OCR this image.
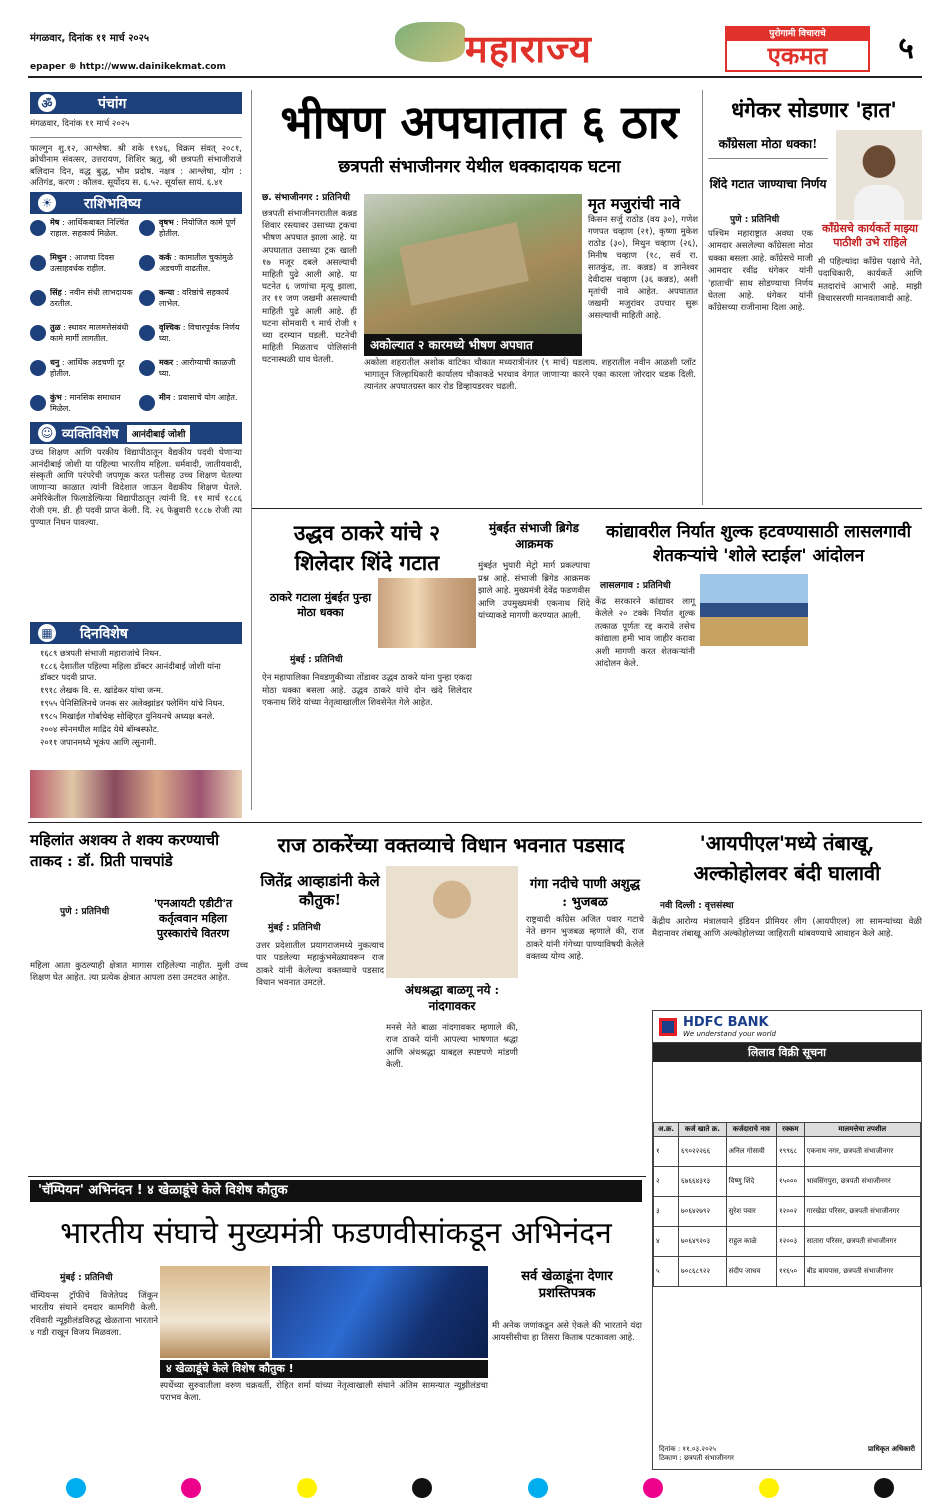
मंगळवार, दिनांक ११ मार्च २०२५	महाराज्य	पुरोगामी विचाराचे
एकमत	५
epaper ⊕ http://www.dainikekmat.com
ॐ	पंचांग

मंगळवार, दिनांक ११ मार्च २०२५

फाल्गुन शु.१२, आश्लेषा. श्री शके १९४६, विक्रम संवत् २०८१, क्रोधीनाम संवत्सर, उत्तरायण, शिशिर ऋतु, श्री छत्रपती संभाजीराजे बलिदान दिन, वद्ध बुद्ध, भौम प्रदोष. नक्षत्र : आश्लेषा, योग : अतिगंड, करण : कौलव. सूर्योदय स. ६.५२. सूर्यास्त सायं. ६.४१

☀ राशिभविष्य
मेष : आर्थिकबाबत निश्चिंत राहाल. सहकार्य मिळेल.
वृषभ : नियोजित कामे पूर्ण होतील.
मिथुन : आजचा दिवस उत्साहवर्धक राहील.
कर्क : कामातील चुकांमुळे अडचणी वाढतील.
सिंह : नवीन संधी लाभदायक ठरतील.
कन्या : वरिष्ठांचे सहकार्य लाभेल.
तुळ : स्थावर मालमत्तेसंबंधी कामे मार्गी लागतील.
वृश्चिक : विचारपूर्वक निर्णय घ्या.
धनु : आर्थिक अडचणी दूर होतील.
मकर : आरोग्याची काळजी घ्या.
कुंभ : मानसिक समाधान मिळेल.
मीन : प्रवासाचे योग आहेत.
☺ व्यक्तिविशेष	आनंदीबाई जोशी

उच्च शिक्षण आणि परकीय विद्यापीठातून वैद्यकीय पदवी घेणाऱ्या आनंदीबाई जोशी या पहिल्या भारतीय महिला. धर्मवादी, जातीयवादी, संस्कृती आणि परंपरेची जपणूक करत पतीसह उच्च शिक्षण घेतल्या जाणाऱ्या काळात त्यांनी विदेशात जाऊन वैद्यकीय शिक्षण घेतले. अमेरिकेतील फिलाडेल्फिया विद्यापीठातून त्यांनी दि. ११ मार्च १८८६ रोजी एम. डी. ही पदवी प्राप्त केली. दि. २६ फेब्रुवारी १८८७ रोजी त्या पुण्यात निधन पावल्या.

▦ दिनविशेष
१६८९ छत्रपती संभाजी महाराजांचे निधन.
१८८६ देशातील पहिल्या महिला डॉक्टर आनंदीबाई जोशी यांना डॉक्टर पदवी प्राप्त.
१९१८ लेखक वि. स. खांडेकर यांचा जन्म.
१९५५ पेनिसिलिनचे जनक सर अलेक्झांडर फ्लेमिंग यांचे निधन.
१९८५ मिखाईल गोर्बाचेव्ह सोव्हिएत युनियनचे अध्यक्ष बनले.
२००४ स्पेनमधील माद्रिद येथे बॉम्बस्फोट.
२०११ जपानमध्ये भूकंप आणि त्सुनामी.
भीषण अपघातात ६ ठार
छत्रपती संभाजीनगर येथील धक्कादायक घटना
छ. संभाजीनगर : प्रतिनिधी

छत्रपती संभाजीनगरातील कन्नड शिवार रस्त्यावर उसाच्या ट्रकचा भीषण अपघात झाला आहे. या अपघातात उसाच्या ट्रक खाली १७ मजूर दबले असल्याची माहिती पुढे आली आहे. या घटनेत ६ जणांचा मृत्यू झाला, तर ११ जण जखमी असल्याची माहिती पुढे आली आहे. ही घटना सोमवारी ९ मार्च रोजी १ च्या दरम्यान घडली. घटनेची माहिती मिळताच पोलिसांनी घटनास्थळी धाव घेतली.

अकोल्यात २ कारमध्ये भीषण अपघात

अकोला शहरातील अशोक वाटिका चौकात मध्यरात्रीनंतर (९ मार्च) घडलाय. शहरातील नवीन आळशी प्लॉट भागातून जिल्हाधिकारी कार्यालय चौकाकडे भरधाव वेगात जाणाऱ्या कारने एका कारला जोरदार धडक दिली. त्यानंतर अपघातग्रस्त कार रोड डिव्हायडरवर चढली.

मृत मजुरांची नावे

किसन सर्जु राठोड (वय ३०), गणेश गणपत चव्हाण (२१), कृष्णा मुकेश राठोड (३०), मिथुन चव्हाण (२६), मिनीष चव्हाण (१८, सर्व रा. सातकुंड, ता. कन्नड) व ज्ञानेश्वर देवीदास चव्हाण (३६ कन्नड), अशी मृतांची नावे आहेत. अपघातात जखमी मजुरांवर उपचार सुरू असल्याची माहिती आहे.

धंगेकर सोडणार 'हात'
काँग्रेसला मोठा धक्का!
शिंदे गटात जाण्याचा निर्णय
पुणे : प्रतिनिधी
काँग्रेसचे कार्यकर्ते माझ्या पाठीशी उभे राहिले

पश्चिम महाराष्ट्रात अवघा एक आमदार असलेल्या काँग्रेसला मोठा धक्का बसला आहे. काँग्रेसचे माजी आमदार रवींद्र धंगेकर यांनी 'हाताची' साथ सोडण्याचा निर्णय घेतला आहे. धंगेकर यांनी काँग्रेसच्या राजीनामा दिला आहे.

मी पहिल्यांदा काँग्रेस पक्षाचे नेते, पदाधिकारी, कार्यकर्ते आणि मतदारांचे आभारी आहे. माझी विचारसरणी मानवतावादी आहे.

उद्धव ठाकरे यांचे २ शिलेदार शिंदे गटात
ठाकरे गटाला मुंबईत पुन्हा मोठा धक्का
मुंबई : प्रतिनिधी

ऐन महापालिका निवडणुकीच्या तोंडावर उद्धव ठाकरे यांना पुन्हा एकदा मोठा धक्का बसला आहे. उद्धव ठाकरे यांचे दोन खंदे शिलेदार एकनाथ शिंदे यांच्या नेतृत्वाखालील शिवसेनेत गेले आहेत.

मुंबईत संभाजी ब्रिगेड आक्रमक

मुंबईत भुयारी मेट्रो मार्ग प्रकल्पाचा प्रश्न आहे. संभाजी ब्रिगेड आक्रमक झाले आहे. मुख्यमंत्री देवेंद्र फडणवीस आणि उपमुख्यमंत्री एकनाथ शिंदे यांच्याकडे मागणी करण्यात आली.

कांद्यावरील निर्यात शुल्क हटवण्यासाठी लासलगावी शेतकऱ्यांचे 'शोले स्टाईल' आंदोलन
लासलगाव : प्रतिनिधी

केंद्र सरकारने कांद्यावर लागू केलेले २० टक्के निर्यात शुल्क तत्काळ पूर्णतः रद्द करावे तसेच कांद्याला हमी भाव जाहीर करावा अशी मागणी करत शेतकऱ्यांनी आंदोलन केले.

महिलांत अशक्य ते शक्य करण्याची ताकद : डॉ. प्रिती पाचपांडे
पुणे : प्रतिनिधी
'एनआयटी एडीटी'त कर्तृत्ववान महिला पुरस्कारांचे वितरण

महिला आता कुठल्याही क्षेत्रात मागास राहिलेल्या नाहीत. मुली उच्च शिक्षण घेत आहेत. त्या प्रत्येक क्षेत्रात आपला ठसा उमटवत आहेत.

राज ठाकरेंच्या वक्तव्याचे विधान भवनात पडसाद
जितेंद्र आव्हाडांनी केले कौतुक!
मुंबई : प्रतिनिधी

उत्तर प्रदेशातील प्रयागराजमध्ये नुकत्याच पार पडलेल्या महाकुंभमेळ्यावरून राज ठाकरे यांनी केलेल्या वक्तव्याचे पडसाद विधान भवनात उमटले.	अंधश्रद्धा बाळगू नये : नांदगावकर

मनसे नेते बाळा नांदगावकर म्हणाले की, राज ठाकरे यांनी आपल्या भाषणात श्रद्धा आणि अंधश्रद्धा याबद्दल स्पष्टपणे मांडणी केली.

गंगा नदीचे पाणी अशुद्ध : भुजबळ

राष्ट्रवादी काँग्रेस अजित पवार गटाचे नेते छगन भुजबळ म्हणाले की, राज ठाकरे यांनी गंगेच्या पाण्याविषयी केलेले वक्तव्य योग्य आहे.

'आयपीएल'मध्ये तंबाखू, अल्कोहोलवर बंदी घालावी
नवी दिल्ली : वृत्तसंस्था

केंद्रीय आरोग्य मंत्रालयाने इंडियन प्रीमियर लीग (आयपीएल) ला सामन्यांच्या वेळी मैदानावर तंबाखू आणि अल्कोहोलच्या जाहिराती थांबवण्याचे आवाहन केले आहे.

HDFC BANK
We understand your world
लिलाव विक्री सूचना
अ.क्र.	कर्ज खाते क्र.	कर्जदाराचे नाव	रक्कम	मालमत्तेचा तपशील
१	६९०२२२६६	अनिल गोसावी	१९९६८	एकनाथ नगर, छत्रपती संभाजीनगर
२	६७६६४३१३	विष्णु शिंदे	१५०००	भावसिंगपुरा, छत्रपती संभाजीनगर
३	७०६४२७९२	सुरेश पवार	१२००२	गारखेडा परिसर, छत्रपती संभाजीनगर
४	७०६४९२०३	राहुल काळे	१२००३	सातारा परिसर, छत्रपती संभाजीनगर
५	७०८६८९२२	संदीप जाधव	११६५०	बीड बायपास, छत्रपती संभाजीनगर
दिनांक : ११.०३.२०२५
ठिकाण : छत्रपती संभाजीनगर
प्राधिकृत अधिकारी
'चॅम्पियन' अभिनंदन ! ४ खेळाडूंचे केले विशेष कौतुक
भारतीय संघाचे मुख्यमंत्री फडणवीसांकडून अभिनंदन
मुंबई : प्रतिनिधी

चॅम्पियन्स ट्रॉफीचे विजेतेपद जिंकून भारतीय संघाने दमदार कामगिरी केली. रविवारी न्यूझीलंडविरुद्ध खेळताना भारताने ४ गडी राखून विजय मिळवला.

सर्व खेळाडूंना देणार प्रशस्तिपत्रक

मी अनेक जणांकडून असे ऐकले की भारताने यंदा आयसीसीचा हा तिसरा किताब पटकावला आहे.

४ खेळाडूंचे केले विशेष कौतुक !

स्पर्धेच्या सुरुवातीला वरुण चक्रवर्ती, रोहित शर्मा यांच्या नेतृत्वाखाली संघाने अंतिम सामन्यात न्यूझीलंडचा पराभव केला.
